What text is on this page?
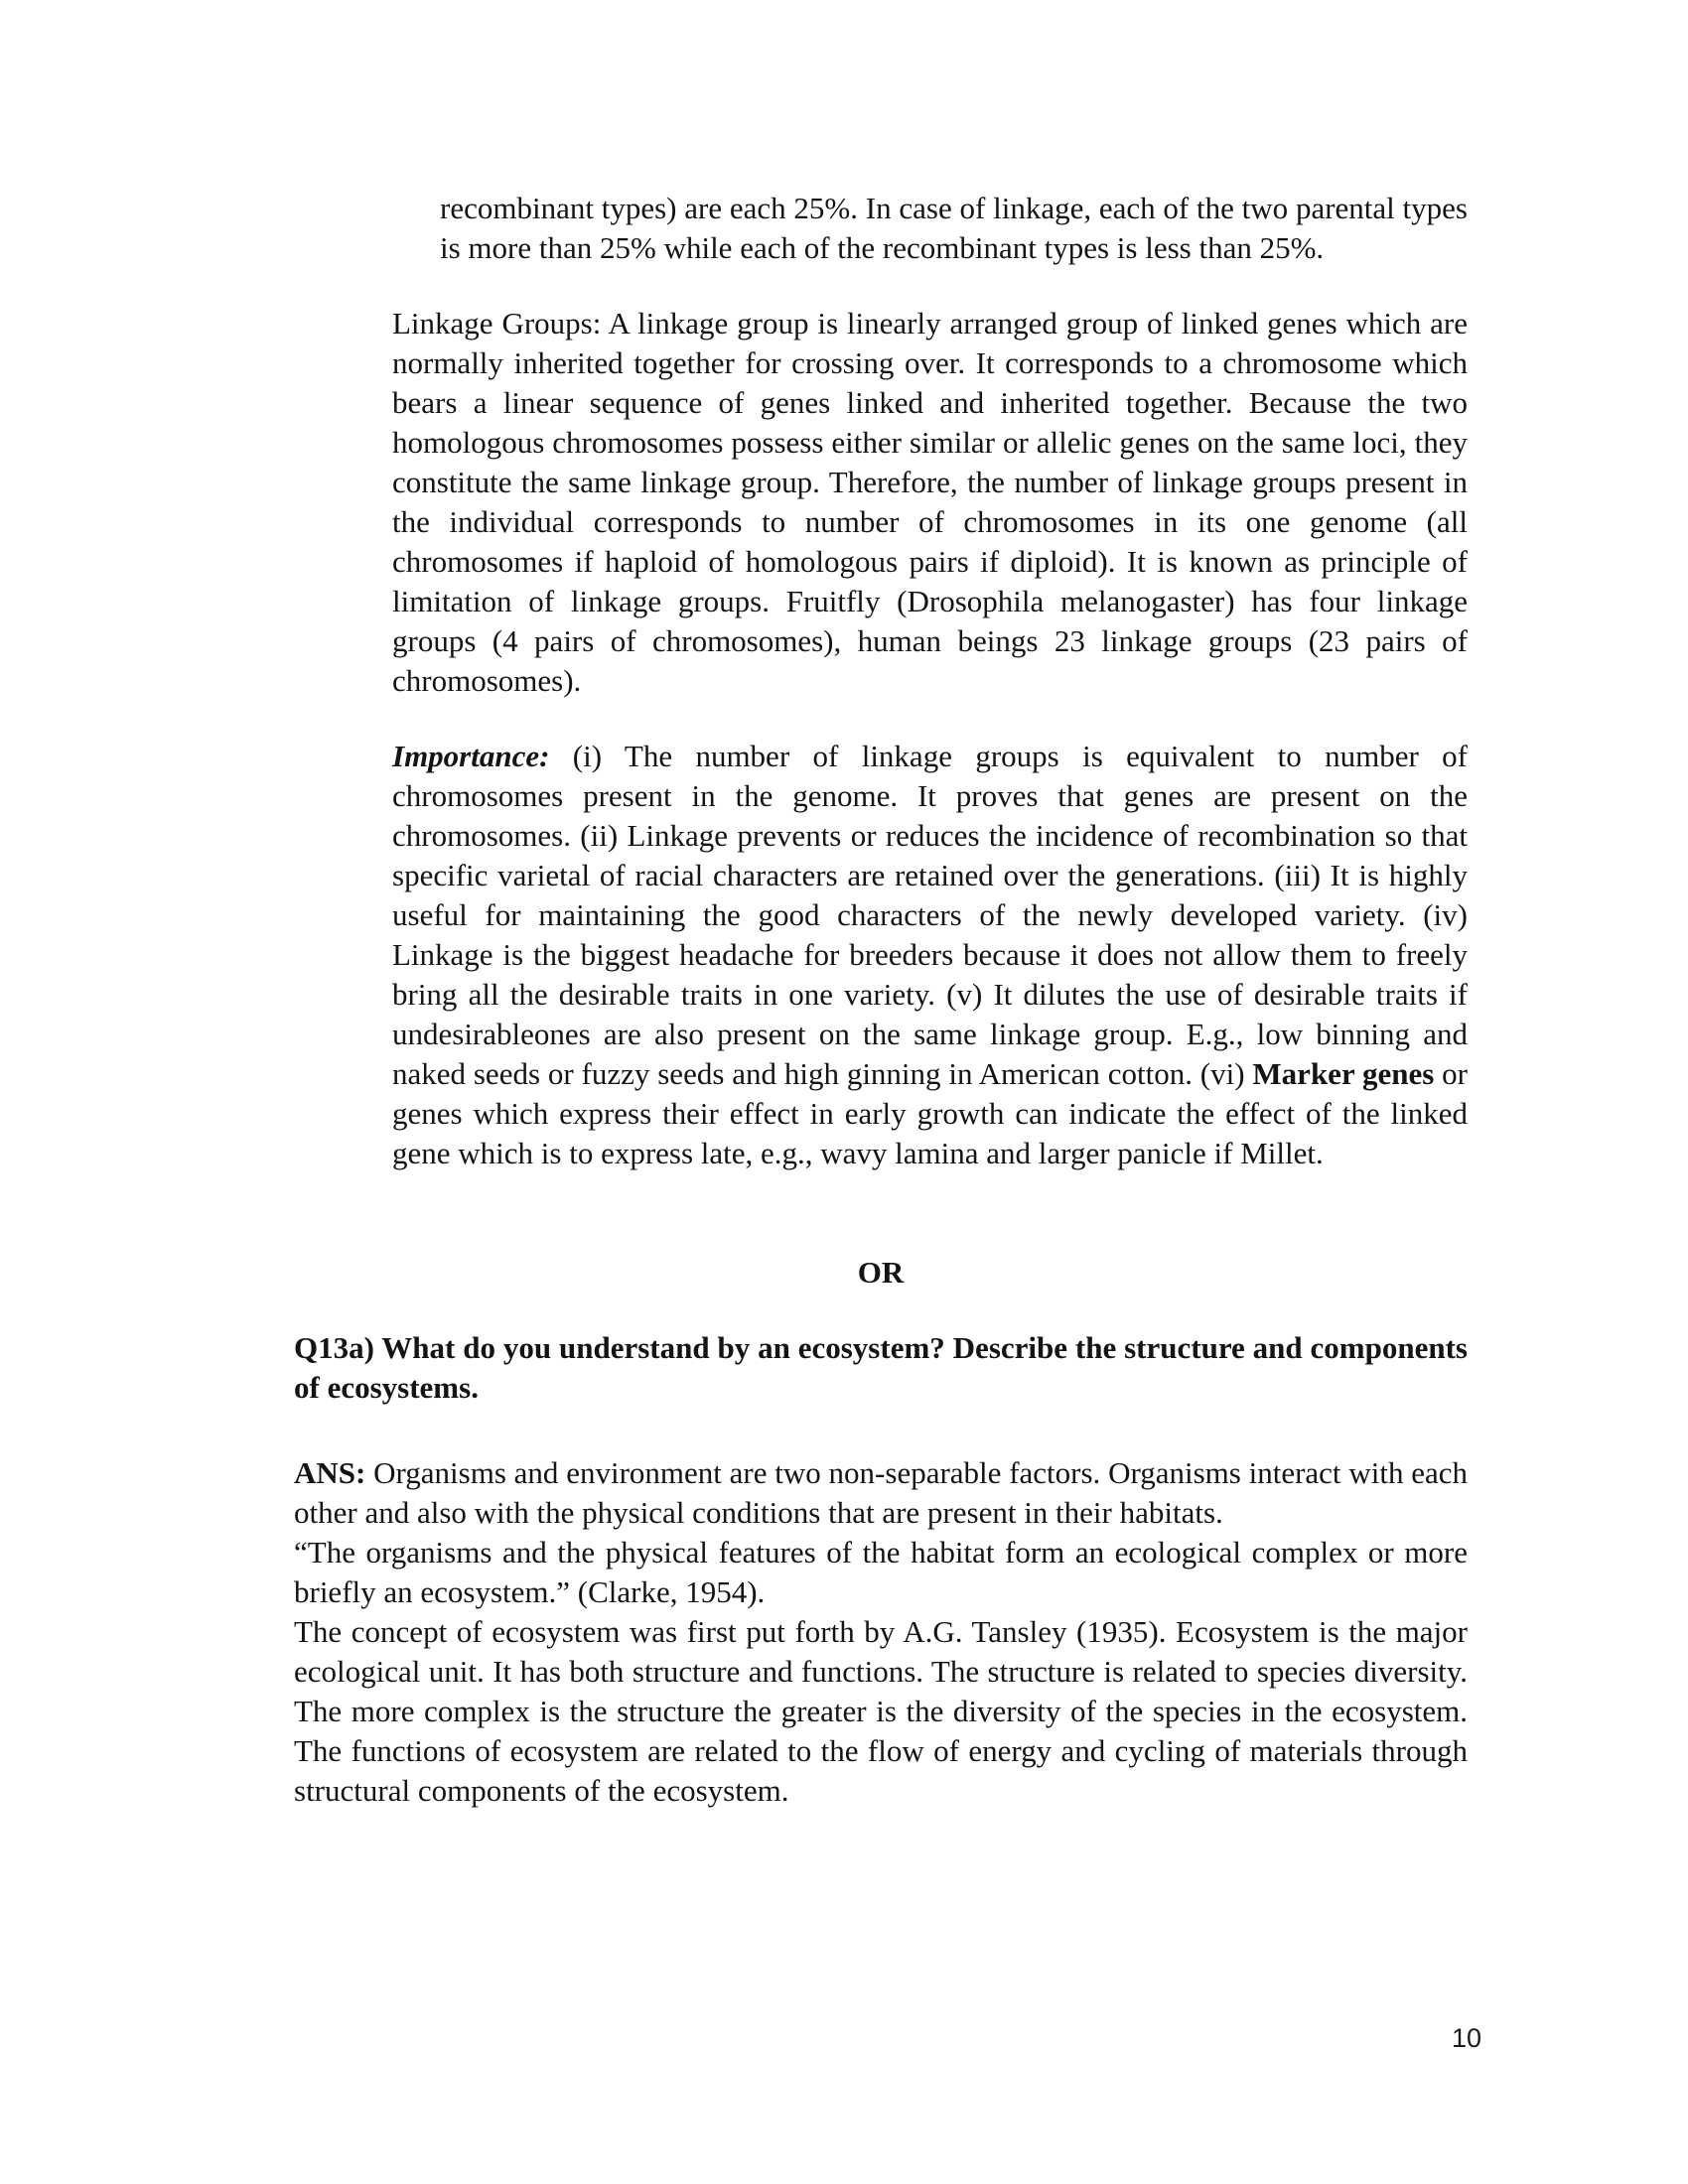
recombinant types) are each 25%. In case of linkage, each of the two parental types is more than 25% while each of the recombinant types is less than 25%.

Linkage Groups: A linkage group is linearly arranged group of linked genes which are normally inherited together for crossing over. It corresponds to a chromosome which bears a linear sequence of genes linked and inherited together. Because the two homologous chromosomes possess either similar or allelic genes on the same loci, they constitute the same linkage group. Therefore, the number of linkage groups present in the individual corresponds to number of chromosomes in its one genome (all chromosomes if haploid of homologous pairs if diploid). It is known as principle of limitation of linkage groups. Fruitfly (Drosophila melanogaster) has four linkage groups (4 pairs of chromosomes), human beings 23 linkage groups (23 pairs of chromosomes).

Importance: (i) The number of linkage groups is equivalent to number of chromosomes present in the genome. It proves that genes are present on the chromosomes. (ii) Linkage prevents or reduces the incidence of recombination so that specific varietal of racial characters are retained over the generations. (iii) It is highly useful for maintaining the good characters of the newly developed variety. (iv) Linkage is the biggest headache for breeders because it does not allow them to freely bring all the desirable traits in one variety. (v) It dilutes the use of desirable traits if undesirableones are also present on the same linkage group. E.g., low binning and naked seeds or fuzzy seeds and high ginning in American cotton. (vi) Marker genes or genes which express their effect in early growth can indicate the effect of the linked gene which is to express late, e.g., wavy lamina and larger panicle if Millet.

OR

Q13a) What do you understand by an ecosystem? Describe the structure and components of ecosystems.

ANS: Organisms and environment are two non-separable factors. Organisms interact with each other and also with the physical conditions that are present in their habitats.

“The organisms and the physical features of the habitat form an ecological complex or more briefly an ecosystem.” (Clarke, 1954).

The concept of ecosystem was first put forth by A.G. Tansley (1935). Ecosystem is the major ecological unit. It has both structure and functions. The structure is related to species diversity. The more complex is the structure the greater is the diversity of the species in the ecosystem. The functions of ecosystem are related to the flow of energy and cycling of materials through structural components of the ecosystem.

10
